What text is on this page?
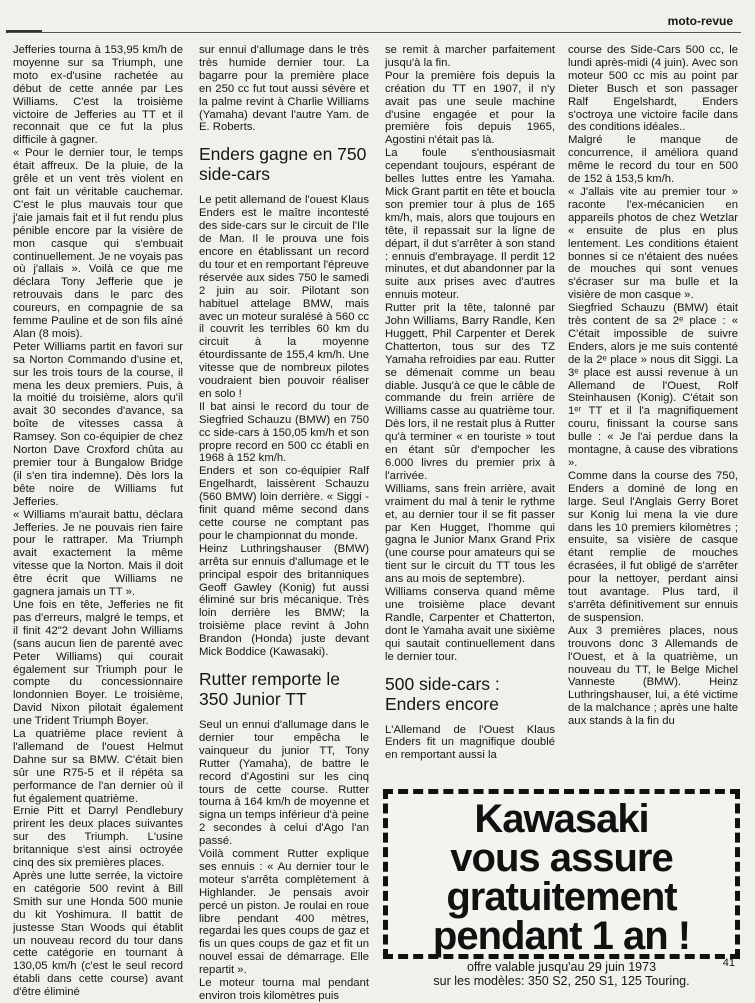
moto-revue

Jefferies tourna à 153,95 km/h de moyenne sur sa Triumph, une moto ex-d'usine rachetée au début de cette année par Les Williams. C'est la troisième victoire de Jefferies au TT et il reconnait que ce fut la plus difficile à gagner.

« Pour le dernier tour, le temps était affreux. De la pluie, de la grêle et un vent très violent en ont fait un véritable cauchemar. C'est le plus mauvais tour que j'aie jamais fait et il fut rendu plus pénible encore par la visière de mon casque qui s'embuait continuellement. Je ne voyais pas où j'allais ». Voilà ce que me déclara Tony Jefferie que je retrouvais dans le parc des coureurs, en compagnie de sa femme Pauline et de son fils aîné Alan (8 mois).

Peter Williams partit en favori sur sa Norton Commando d'usine et, sur les trois tours de la course, il mena les deux premiers. Puis, à la moitié du troisième, alors qu'il avait 30 secondes d'avance, sa boîte de vitesses cassa à Ramsey. Son co-équipier de chez Norton Dave Croxford chûta au premier tour à Bungalow Bridge (il s'en tira indemne). Dès lors la bête noire de Williams fut Jefferies.

« Williams m'aurait battu, déclara Jefferies. Je ne pouvais rien faire pour le rattraper. Ma Triumph avait exactement la même vitesse que la Norton. Mais il doit être écrit que Williams ne gagnera jamais un TT ».

Une fois en tête, Jefferies ne fit pas d'erreurs, malgré le temps, et il finit 42"2 devant John Williams (sans aucun lien de parenté avec Peter Williams) qui courait également sur Triumph pour le compte du concessionnaire londonnien Boyer. Le troisième, David Nixon pilotait également une Trident Triumph Boyer.

La quatrième place revient à l'allemand de l'ouest Helmut Dahne sur sa BMW. C'était bien sûr une R75-5 et il répéta sa performance de l'an dernier où il fut également quatrième.

Ernie Pitt et Darryl Pendlebury prirent les deux places suivantes sur des Triumph. L'usine britannique s'est ainsi octroyée cinq des six premières places.

Après une lutte serrée, la victoire en catégorie 500 revint à Bill Smith sur une Honda 500 munie du kit Yoshimura. Il battit de justesse Stan Woods qui établit un nouveau record du tour dans cette catégorie en tournant à 130,05 km/h (c'est le seul record établi dans cette course) avant d'être éliminé

sur ennui d'allumage dans le très très humide dernier tour. La bagarre pour la première place en 250 cc fut tout aussi sévère et la palme revint à Charlie Williams (Yamaha) devant l'autre Yam. de E. Roberts.

Enders gagne en 750 side-cars

Le petit allemand de l'ouest Klaus Enders est le maître incontesté des side-cars sur le circuit de l'Ile de Man. Il le prouva une fois encore en établissant un record du tour et en remportant l'épreuve réservée aux sides 750 le samedi 2 juin au soir. Pilotant son habituel attelage BMW, mais avec un moteur suralésé à 560 cc il couvrit les terribles 60 km du circuit à la moyenne étourdissante de 155,4 km/h. Une vitesse que de nombreux pilotes voudraient bien pouvoir réaliser en solo !

Il bat ainsi le record du tour de Siegfried Schauzu (BMW) en 750 cc side-cars à 150,05 km/h et son propre record en 500 cc établi en 1968 à 152 km/h.

Enders et son co-équipier Ralf Engelhardt, laissèrent Schauzu (560 BMW) loin derrière. « Siggi - finit quand même second dans cette course ne comptant pas pour le championnat du monde.

Heinz Luthringshauser (BMW) arrêta sur ennuis d'allumage et le principal espoir des britanniques Geoff Gawley (Konig) fut aussi éliminé sur bris mécanique. Très loin derrière les BMW; la troisième place revint à John Brandon (Honda) juste devant Mick Boddice (Kawasaki).

Rutter remporte le 350 Junior TT

Seul un ennui d'allumage dans le dernier tour empêcha le vainqueur du junior TT, Tony Rutter (Yamaha), de battre le record d'Agostini sur les cinq tours de cette course. Rutter tourna à 164 km/h de moyenne et signa un temps inférieur d'à peine 2 secondes à celui d'Ago l'an passé.

Voilà comment Rutter explique ses ennuis : « Au dernier tour le moteur s'arrêta complètement à Highlander. Je pensais avoir percé un piston. Je roulai en roue libre pendant 400 mètres, regardai les ques coups de gaz et fis un ques coups de gaz et fit un nouvel essai de démarrage. Elle repartit ».

Le moteur tourna mal pendant environ trois kilomètres puis

se remit à marcher parfaitement jusqu'à la fin.

Pour la première fois depuis la création du TT en 1907, il n'y avait pas une seule machine d'usine engagée et pour la première fois depuis 1965, Agostini n'était pas là.

La foule s'enthousiasmait cependant toujours, espérant de belles luttes entre les Yamaha. Mick Grant partit en tête et boucla son premier tour à plus de 165 km/h, mais, alors que toujours en tête, il repassait sur la ligne de départ, il dut s'arrêter à son stand : ennuis d'embrayage. Il perdit 12 minutes, et dut abandonner par la suite aux prises avec d'autres ennuis moteur.

Rutter prit la tête, talonné par John Williams, Barry Randle, Ken Huggett, Phil Carpenter et Derek Chatterton, tous sur des TZ Yamaha refroidies par eau. Rutter se démenait comme un beau diable. Jusqu'à ce que le câble de commande du frein arrière de Williams casse au quatrième tour. Dès lors, il ne restait plus à Rutter qu'à terminer « en touriste » tout en étant sûr d'empocher les 6.000 livres du premier prix à l'arrivée.

Williams, sans frein arrière, avait vraiment du mal à tenir le rythme et, au dernier tour il se fit passer par Ken Hugget, l'homme qui gagna le Junior Manx Grand Prix (une course pour amateurs qui se tient sur le circuit du TT tous les ans au mois de septembre).

Williams conserva quand même une troisième place devant Randle, Carpenter et Chatterton, dont le Yamaha avait une sixième qui sautait continuellement dans le dernier tour.

500 side-cars : Enders encore

L'Allemand de l'Ouest Klaus Enders fit un magnifique doublé en remportant aussi la

course des Side-Cars 500 cc, le lundi après-midi (4 juin). Avec son moteur 500 cc mis au point par Dieter Busch et son passager Ralf Engelshardt, Enders s'octroya une victoire facile dans des conditions idéales..

Malgré le manque de concurrence, il améliora quand même le record du tour en 500 de 152 à 153,5 km/h.

« J'allais vite au premier tour » raconte l'ex-mécanicien en appareils photos de chez Wetzlar « ensuite de plus en plus lentement. Les conditions étaient bonnes si ce n'étaient des nuées de mouches qui sont venues s'écraser sur ma bulle et la visière de mon casque ».

Siegfried Schauzu (BMW) était très content de sa 2ᵉ place : « C'était impossible de suivre Enders, alors je me suis contenté de la 2ᵉ place » nous dit Siggi. La 3ᵉ place est aussi revenue à un Allemand de l'Ouest, Rolf Steinhausen (Konig). C'était son 1ᵉʳ TT et il l'a magnifiquement couru, finissant la course sans bulle : « Je l'ai perdue dans la montagne, à cause des vibrations ».

Comme dans la course des 750, Enders a dominé de long en large. Seul l'Anglais Gerry Boret sur Konig lui mena la vie dure dans les 10 premiers kilomètres ; ensuite, sa visière de casque étant remplie de mouches écrasées, il fut obligé de s'arrêter pour la nettoyer, perdant ainsi tout avantage. Plus tard, il s'arrêta définitivement sur ennuis de suspension.

Aux 3 premières places, nous trouvons donc 3 Allemands de l'Ouest, et à la quatrième, un nouveau du TT, le Belge Michel Vanneste (BMW). Heinz Luthringshauser, lui, a été victime de la malchance ; après une halte aux stands à la fin du

Kawasaki
vous assure
gratuitement
pendant 1 an !
offre valable jusqu'au 29 juin 1973
sur les modèles: 350 S2, 250 S1, 125 Touring.
41
